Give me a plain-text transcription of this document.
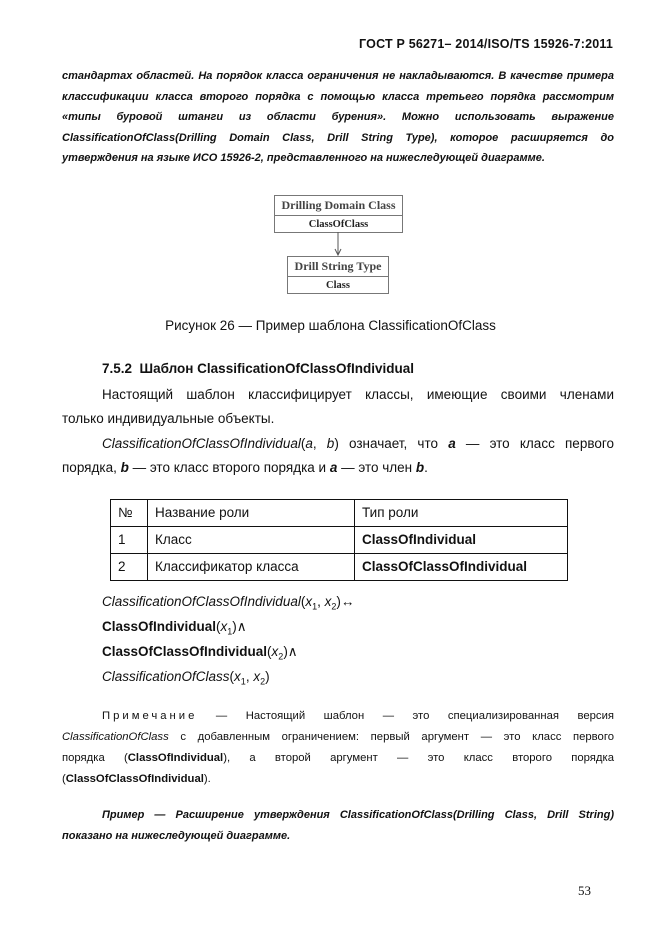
ГОСТ Р 56271– 2014/ISO/TS 15926-7:2011
стандартах областей. На порядок класса ограничения не накладываются. В качестве примера
классификации класса второго порядка с помощью класса третьего порядка рассмотрим
«типы буровой штанги из области бурения». Можно использовать выражение
ClassificationOfClass(Drilling Domain Class, Drill String Type), которое расширяется до
утверждения на языке ИСО 15926-2, представленного на нижеследующей диаграмме.
Drilling Domain Class
ClassOfClass
Drill String Type
Class
Рисунок 26 — Пример шаблона ClassificationOfClass
7.5.2 Шаблон ClassificationOfClassOfIndividual
Настоящий шаблон классифицирует классы, имеющие своими членами
только индивидуальные объекты.
ClassificationOfClassOfIndividual(a, b) означает, что a — это класс первого
порядка, b — это класс второго порядка и a — это член b.
№	Название роли	Тип роли
1	Класс	ClassOfIndividual
2	Классификатор класса	ClassOfClassOfIndividual
$ClassificationOfClassOfIndividual(x_1$, $x_2)\leftrightarrow$
$ClassOfIndividual(x_1)\wedge$
$ClassOfClassOfIndividual(x_2)\wedge$
$ClassificationOfClass(x_1$, $x_2$)
Примечание — Настоящий шаблон — это специализированная версия
ClassificationOfClass с добавленным ограничением: первый аргумент — это класс первого
порядка (ClassOfIndividual), а второй аргумент — это класс второго порядка
(ClassOfClassOfIndividual).
Пример — Расширение утверждения ClassificationOfClass(Drilling Class, Drill String)
показано на нижеследующей диаграмме.
53
